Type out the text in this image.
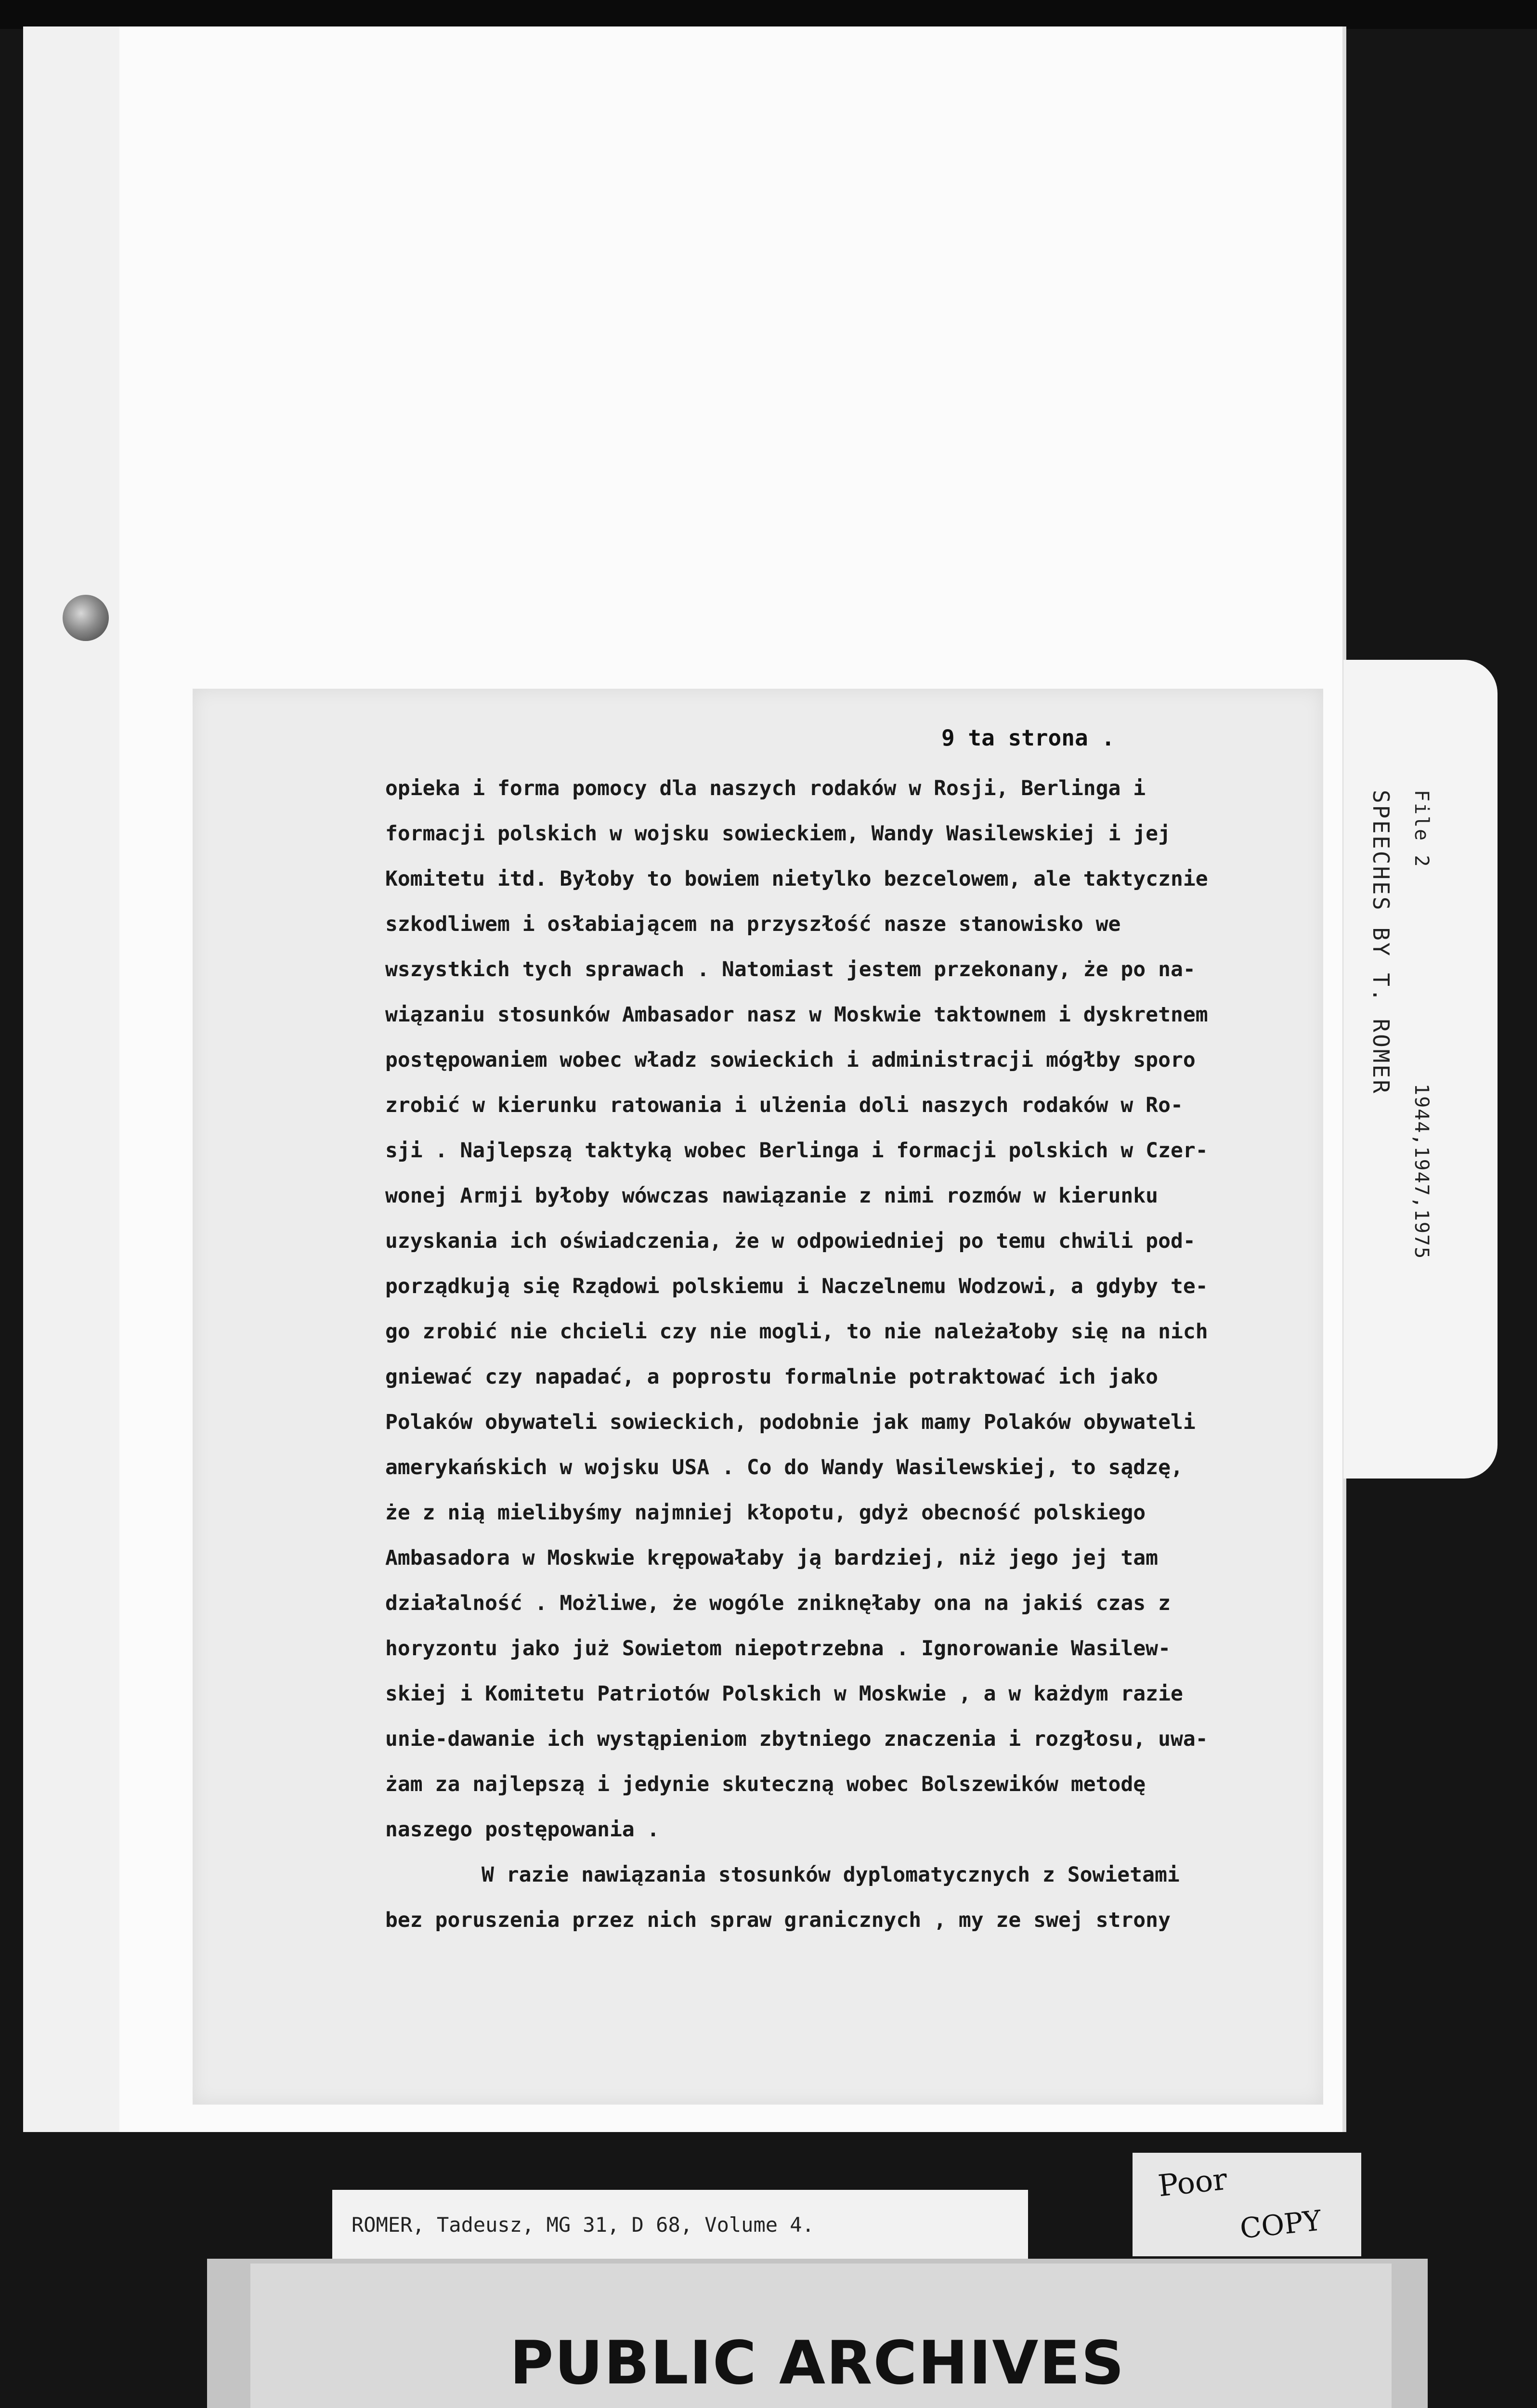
SPEECHES BY T. ROMER File 2
1944,1947,1975
9 ta strona .
opieka i forma pomocy dla naszych rodaków w Rosji, Berlinga i
formacji polskich w wojsku sowieckiem, Wandy Wasilewskiej i jej
Komitetu itd. Byłoby to bowiem nietylko bezcelowem, ale taktycznie
szkodliwem i osłabiającem na przyszłość nasze stanowisko we
wszystkich tych sprawach . Natomiast jestem przekonany, że po na-
wiązaniu stosunków Ambasador nasz w Moskwie taktownem i dyskretnem
postępowaniem wobec władz sowieckich i administracji mógłby sporo
zrobić w kierunku ratowania i ulżenia doli naszych rodaków w Ro-
sji . Najlepszą taktyką wobec Berlinga i formacji polskich w Czer-
wonej Armji byłoby wówczas nawiązanie z nimi rozmów w kierunku
uzyskania ich oświadczenia, że w odpowiedniej po temu chwili pod-
porządkują się Rządowi polskiemu i Naczelnemu Wodzowi, a gdyby te-
go zrobić nie chcieli czy nie mogli, to nie należałoby się na nich
gniewać czy napadać, a poprostu formalnie potraktować ich jako
Polaków obywateli sowieckich, podobnie jak mamy Polaków obywateli
amerykańskich w wojsku USA . Co do Wandy Wasilewskiej, to sądzę,
że z nią mielibyśmy najmniej kłopotu, gdyż obecność polskiego
Ambasadora w Moskwie krępowałaby ją bardziej, niż jego jej tam
działalność . Możliwe, że wogóle zniknęłaby ona na jakiś czas z
horyzontu jako już Sowietom niepotrzebna . Ignorowanie Wasilew-
skiej i Komitetu Patriotów Polskich w Moskwie , a w każdym razie
unie-dawanie ich wystąpieniom zbytniego znaczenia i rozgłosu, uwa-
żam za najlepszą i jedynie skuteczną wobec Bolszewików metodę
naszego postępowania .
W razie nawiązania stosunków dyplomatycznych z Sowietami
bez poruszenia przez nich spraw granicznych , my ze swej strony
ROMER, Tadeusz, MG 31, D 68, Volume 4.
Poor
COPY
PUBLIC ARCHIVES
